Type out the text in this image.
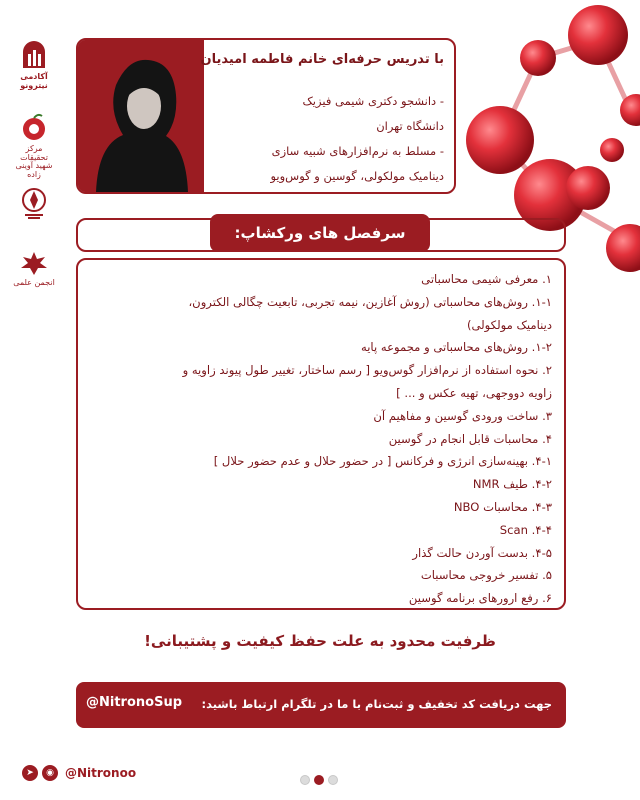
آکادمی نیترونو
مرکز تحقیقات شهید آوینی زاده
انجمن علمی
با تدریس حرفه‌ای خانم فاطمه امیدیان
- دانشجو دکتری شیمی فیزیک
دانشگاه تهران
- مسلط به نرم‌افزارهای شبیه سازی
دینامیک مولکولی، گوسین و گوس‌ویو
سرفصل های ورکشاپ:
۱. معرفی شیمی محاسباتی
۱-۱. روش‌های محاسباتی (روش آغازین، نیمه تجربی، تابعیت چگالی الکترون،
دینامیک مولکولی)
۱-۲. روش‌های محاسباتی و مجموعه پایه
۲. نحوه استفاده از نرم‌افزار گوس‌ویو [ رسم ساختار، تغییر طول پیوند زاویه و
زاویه دووجهی، تهیه عکس و ... ]
۳. ساخت ورودی گوسین و مفاهیم آن
۴. محاسبات قابل انجام در گوسین
۴-۱. بهینه‌سازی انرژی و فرکانس [ در حضور حلال و عدم حضور حلال ]
۴-۲. طیف NMR
۴-۳. محاسبات NBO
۴-۴. Scan
۴-۵. بدست آوردن حالت گذار
۵. تفسیر خروجی محاسبات
۶. رفع ارورهای برنامه گوسین
ظرفیت محدود به علت حفظ کیفیت و پشتیبانی!
جهت دریافت کد تخفیف و ثبت‌نام با ما در تلگرام ارتباط باشید:
@NitronoSup
➤	◉ @Nitronoo
